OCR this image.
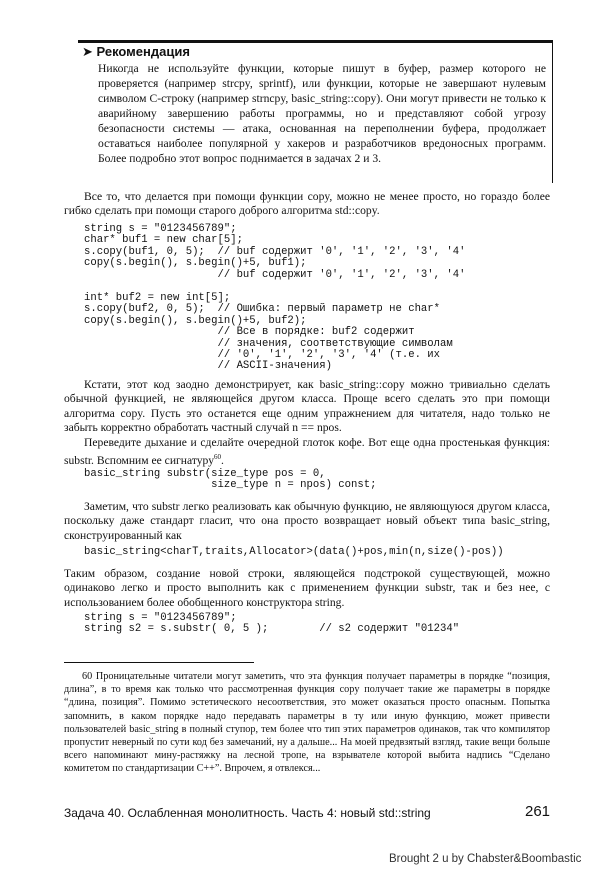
➤ Рекомендация

Никогда не используйте функции, которые пишут в буфер, размер которого не проверяется (например strcpy, sprintf), или функции, которые не завершают нулевым символом C-строку (например strncpy, basic_string::copy). Они могут привести не только к аварийному завершению работы программы, но и представляют собой угрозу безопасности системы — атака, основанная на переполнении буфера, продолжает оставаться наиболее популярной у хакеров и разработчиков вредоносных программ. Более подробно этот вопрос поднимается в задачах 2 и 3.

Все то, что делается при помощи функции copy, можно не менее просто, но гораздо более гибко сделать при помощи старого доброго алгоритма std::copy.

string s = "0123456789";
char* buf1 = new char[5];
s.copy(buf1, 0, 5);  // buf содержит '0', '1', '2', '3', '4'
copy(s.begin(), s.begin()+5, buf1);
// buf содержит '0', '1', '2', '3', '4'
int* buf2 = new int[5];
s.copy(buf2, 0, 5);  // Ошибка: первый параметр не char*
copy(s.begin(), s.begin()+5, buf2);
// Все в порядке: buf2 содержит
// значения, соответствующие символам
// '0', '1', '2', '3', '4' (т.е. их
// ASCII-значения)

Кстати, этот код заодно демонстрирует, как basic_string::copy можно тривиально сделать обычной функцией, не являющейся другом класса. Проще всего сделать это при помощи алгоритма copy. Пусть это останется еще одним упражнением для читателя, надо только не забыть корректно обработать частный случай n == npos.

Переведите дыхание и сделайте очередной глоток кофе. Вот еще одна простенькая функция: substr. Вспомним ее сигнатуру$^{60}$.

basic_string substr(size_type pos = 0,
size_type n = npos) const;

Заметим, что substr легко реализовать как обычную функцию, не являющуюся другом класса, поскольку даже стандарт гласит, что она просто возвращает новый объект типа basic_string, сконструированный как

basic_string<charT,traits,Allocator>(data()+pos,min(n,size()-pos))

Таким образом, создание новой строки, являющейся подстрокой существующей, можно одинаково легко и просто выполнить как с применением функции substr, так и без нее, с использованием более обобщенного конструктора string.

string s = "0123456789";
string s2 = s.substr( 0, 5 );        // s2 содержит "01234"

60 Проницательные читатели могут заметить, что эта функция получает параметры в порядке “позиция, длина”, в то время как только что рассмотренная функция copy получает такие же параметры в порядке “длина, позиция”. Помимо эстетического несоответствия, это может оказаться просто опасным. Попытка запомнить, в каком порядке надо передавать параметры в ту или иную функцию, может привести пользователей basic_string в полный ступор, тем более что тип этих параметров одинаков, так что компилятор пропустит неверный по сути код без замечаний, ну а дальше... На моей предвзятый взгляд, такие вещи больше всего напоминают мину-растяжку на лесной тропе, на взрывателе которой выбита надпись “Сделано комитетом по стандартизации C++”. Впрочем, я отвлекся...

Задача 40. Ослабленная монолитность. Часть 4: новый std::string	261
Brought 2 u by Chabster&Boombastic
